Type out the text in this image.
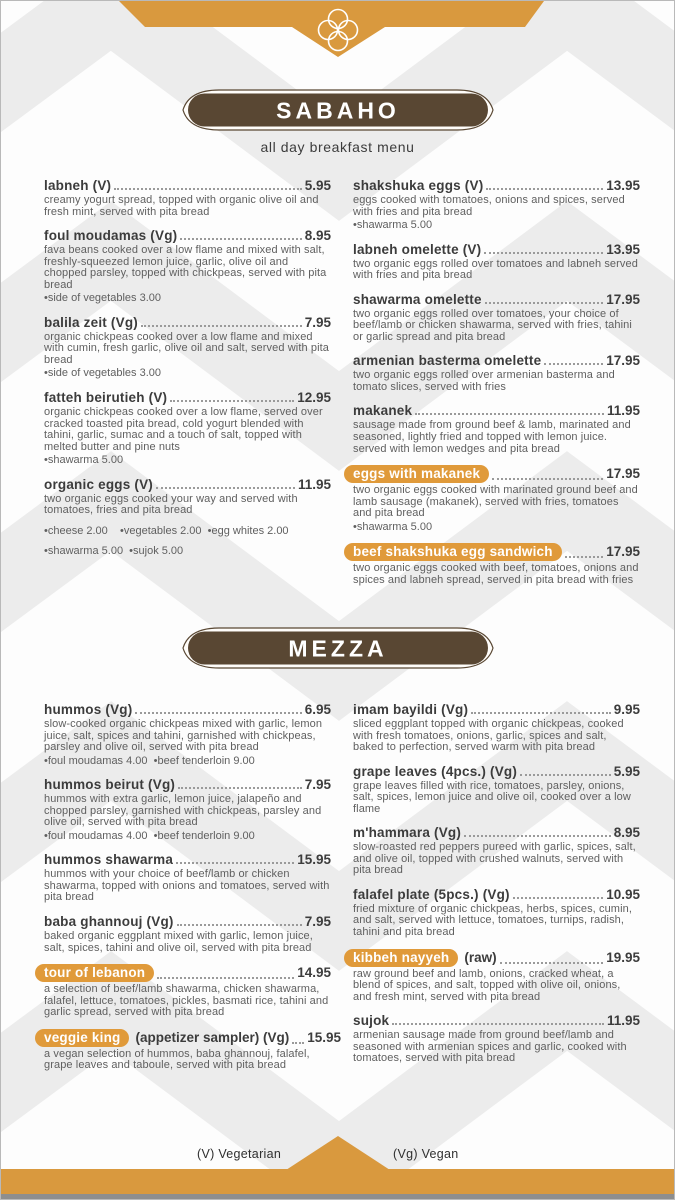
SABAHO
all day breakfast menu
labneh (V)	5.95
creamy yogurt spread, topped with organic olive oil and fresh mint, served with pita bread
foul moudamas (Vg)	8.95
fava beans cooked over a low flame and mixed with salt, freshly-squeezed lemon juice, garlic, olive oil and chopped parsley, topped with chickpeas, served with pita bread
•side of vegetables 3.00
balila zeit (Vg)	7.95
organic chickpeas cooked over a low flame and mixed with cumin, fresh garlic, olive oil and salt, served with pita bread
•side of vegetables 3.00
fatteh beirutieh (V)	12.95
organic chickpeas cooked over a low flame, served over cracked toasted pita bread, cold yogurt blended with tahini, garlic, sumac and a touch of salt, topped with melted butter and pine nuts
•shawarma 5.00
organic eggs (V)	11.95
two organic eggs cooked your way and served with tomatoes, fries and pita bread
•cheese 2.00    •vegetables 2.00  •egg whites 2.00
•shawarma 5.00  •sujok 5.00
shakshuka eggs (V)	13.95
eggs cooked with tomatoes, onions and spices, served with fries and pita bread
•shawarma 5.00
labneh omelette (V)	13.95
two organic eggs rolled over tomatoes and labneh served with fries and pita bread
shawarma omelette	17.95
two organic eggs rolled over tomatoes, your choice of beef/lamb or chicken shawarma, served with fries, tahini or garlic spread and pita bread
armenian basterma omelette	17.95
two organic eggs rolled over armenian basterma and tomato slices, served with fries
makanek	11.95
sausage made from ground beef & lamb, marinated and seasoned, lightly fried and topped with lemon juice. served with lemon wedges and pita bread
eggs with makanek	17.95
two organic eggs cooked with marinated ground beef and lamb sausage (makanek), served with fries, tomatoes and pita bread
•shawarma 5.00
beef shakshuka egg sandwich	17.95
two organic eggs cooked with beef, tomatoes, onions and spices and labneh spread, served in pita bread with fries
MEZZA
hummos (Vg)	6.95
slow-cooked organic chickpeas mixed with garlic, lemon juice, salt, spices and tahini, garnished with chickpeas, parsley and olive oil, served with pita bread
•foul moudamas 4.00  •beef tenderloin 9.00
hummos beirut (Vg)	7.95
hummos with extra garlic, lemon juice, jalapeño and chopped parsley, garnished with chickpeas, parsley and olive oil, served with pita bread
•foul moudamas 4.00  •beef tenderloin 9.00
hummos shawarma	15.95
hummos with your choice of beef/lamb or chicken shawarma, topped with onions and tomatoes, served with pita bread
baba ghannouj (Vg)	7.95
baked organic eggplant mixed with garlic, lemon juice, salt, spices, tahini and olive oil, served with pita bread
tour of lebanon	14.95
a selection of beef/lamb shawarma, chicken shawarma, falafel, lettuce, tomatoes, pickles, basmati rice, tahini and garlic spread, served with pita bread
veggie king	(appetizer sampler) (Vg) 15.95
a vegan selection of hummos, baba ghannouj, falafel, grape leaves and taboule, served with pita bread
imam bayildi (Vg)	9.95
sliced eggplant topped with organic chickpeas, cooked with fresh tomatoes, onions, garlic, spices and salt, baked to perfection, served warm with pita bread
grape leaves (4pcs.) (Vg)	5.95
grape leaves filled with rice, tomatoes, parsley, onions, salt, spices, lemon juice and olive oil, cooked over a low flame
m'hammara (Vg)	8.95
slow-roasted red peppers pureed with garlic, spices, salt, and olive oil, topped with crushed walnuts, served with pita bread
falafel plate (5pcs.) (Vg)	10.95
fried mixture of organic chickpeas, herbs, spices, cumin, and salt, served with lettuce, tomatoes, turnips, radish, tahini and pita bread
kibbeh nayyeh	(raw)	19.95
raw ground beef and lamb, onions, cracked wheat, a blend of spices, and salt, topped with olive oil, onions, and fresh mint, served with pita bread
sujok	11.95
armenian sausage made from ground beef/lamb and seasoned with armenian spices and garlic, cooked with tomatoes, served with pita bread
(V) Vegetarian	(Vg) Vegan
